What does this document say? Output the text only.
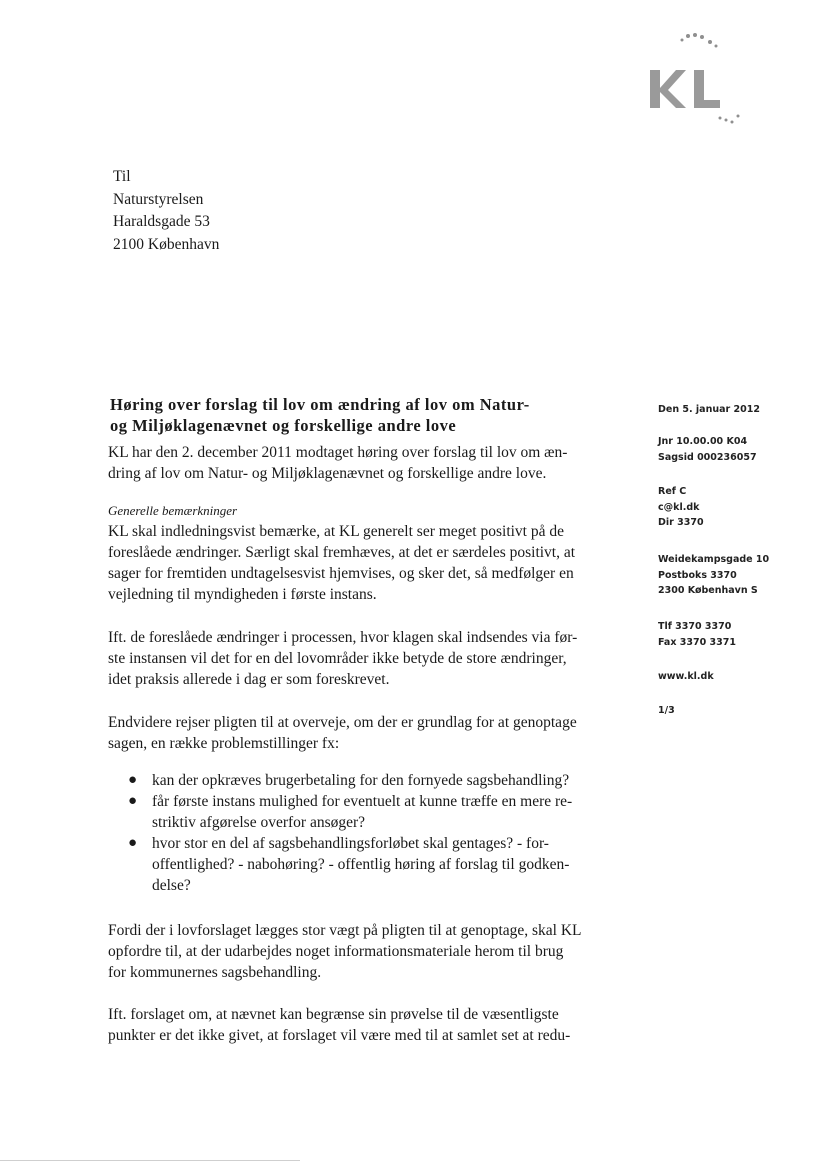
Til
Naturstyrelsen
Haraldsgade 53
2100 København
Høring over forslag til lov om ændring af lov om Natur-
og Miljøklagenævnet og forskellige andre love
KL har den 2. december 2011 modtaget høring over forslag til lov om æn-
dring af lov om Natur- og Miljøklagenævnet og forskellige andre love.
Generelle bemærkninger
KL skal indledningsvist bemærke, at KL generelt ser meget positivt på de
foreslåede ændringer. Særligt skal fremhæves, at det er særdeles positivt, at
sager for fremtiden undtagelsesvist hjemvises, og sker det, så medfølger en
vejledning til myndigheden i første instans.
Ift. de foreslåede ændringer i processen, hvor klagen skal indsendes via før-
ste instansen vil det for en del lovområder ikke betyde de store ændringer,
idet praksis allerede i dag er som foreskrevet.
Endvidere rejser pligten til at overveje, om der er grundlag for at genoptage
sagen, en række problemstillinger fx:
● kan der opkræves brugerbetaling for den fornyede sagsbehandling?
● får første instans mulighed for eventuelt at kunne træffe en mere re-
striktiv afgørelse overfor ansøger?
● hvor stor en del af sagsbehandlingsforløbet skal gentages? - for-
offentlighed? - nabohøring? - offentlig høring af forslag til godken-
delse?
Fordi der i lovforslaget lægges stor vægt på pligten til at genoptage, skal KL
opfordre til, at der udarbejdes noget informationsmateriale herom til brug
for kommunernes sagsbehandling.
Ift. forslaget om, at nævnet kan begrænse sin prøvelse til de væsentligste
punkter er det ikke givet, at forslaget vil være med til at samlet set at redu-
Den 5. januar 2012
Jnr 10.00.00 K04
Sagsid 000236057
Ref C
c@kl.dk
Dir 3370
Weidekampsgade 10
Postboks 3370
2300 København S
Tlf 3370 3370
Fax 3370 3371
www.kl.dk
1/3
